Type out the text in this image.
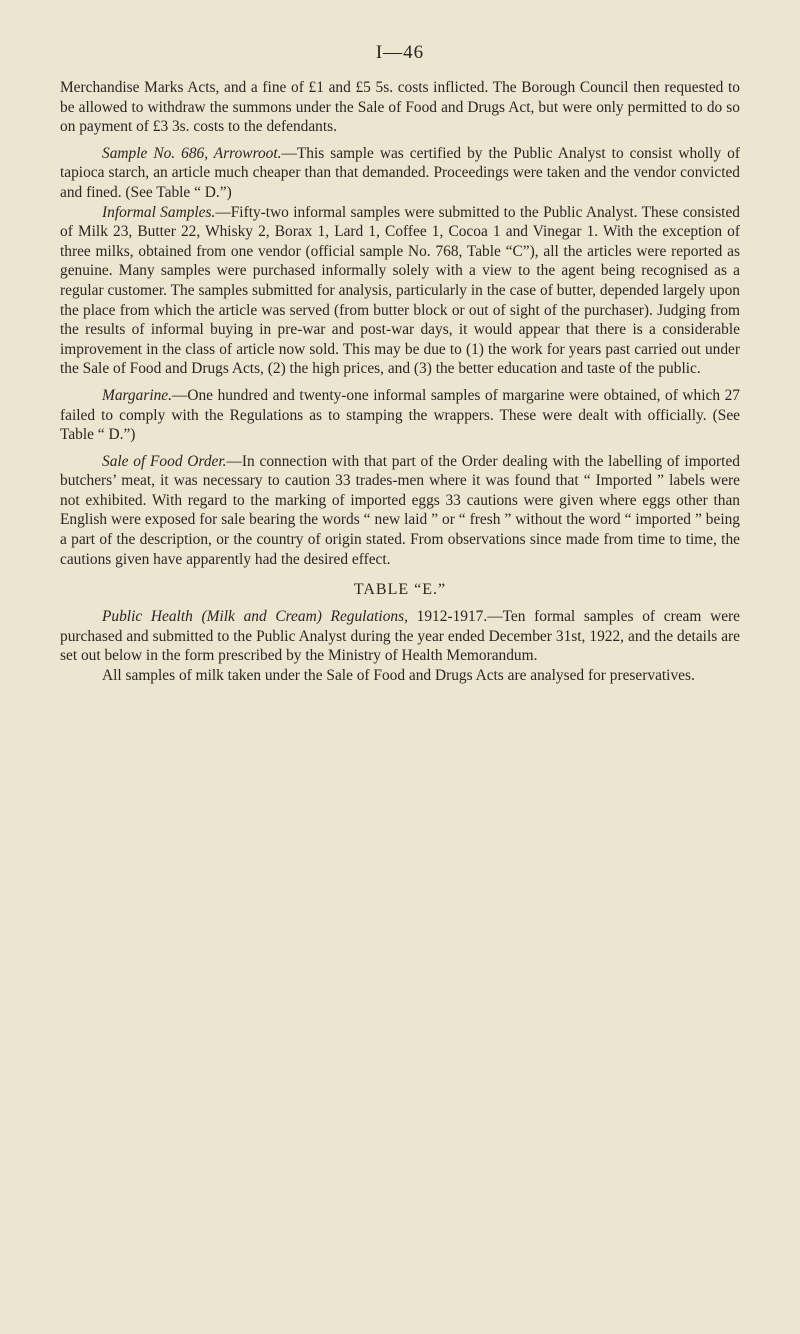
I—46

Merchandise Marks Acts, and a fine of £1 and £5 5s. costs inflicted. The Borough Council then requested to be allowed to withdraw the summons under the Sale of Food and Drugs Act, but were only permitted to do so on payment of £3 3s. costs to the defendants.

Sample No. 686, Arrowroot.—This sample was certified by the Public Analyst to consist wholly of tapioca starch, an article much cheaper than that demanded. Proceedings were taken and the vendor convicted and fined. (See Table “ D.”)

Informal Samples.—Fifty-two informal samples were submitted to the Public Analyst. These consisted of Milk 23, Butter 22, Whisky 2, Borax 1, Lard 1, Coffee 1, Cocoa 1 and Vinegar 1. With the exception of three milks, obtained from one vendor (official sample No. 768, Table “C”), all the articles were reported as genuine. Many samples were purchased informally solely with a view to the agent being recognised as a regular customer. The samples submitted for analysis, particularly in the case of butter, depended largely upon the place from which the article was served (from butter block or out of sight of the purchaser). Judging from the results of informal buying in pre-war and post-war days, it would appear that there is a considerable improvement in the class of article now sold. This may be due to (1) the work for years past carried out under the Sale of Food and Drugs Acts, (2) the high prices, and (3) the better education and taste of the public.

Margarine.—One hundred and twenty-one informal samples of margarine were obtained, of which 27 failed to comply with the Regulations as to stamping the wrappers. These were dealt with officially. (See Table “ D.”)

Sale of Food Order.—In connection with that part of the Order dealing with the labelling of imported butchers’ meat, it was necessary to caution 33 trades-men where it was found that “ Imported ” labels were not exhibited. With regard to the marking of imported eggs 33 cautions were given where eggs other than English were exposed for sale bearing the words “ new laid ” or “ fresh ” without the word “ imported ” being a part of the description, or the country of origin stated. From observations since made from time to time, the cautions given have apparently had the desired effect.

TABLE “E.”

Public Health (Milk and Cream) Regulations, 1912-1917.—Ten formal samples of cream were purchased and submitted to the Public Analyst during the year ended December 31st, 1922, and the details are set out below in the form prescribed by the Ministry of Health Memorandum.

All samples of milk taken under the Sale of Food and Drugs Acts are analysed for preservatives.
